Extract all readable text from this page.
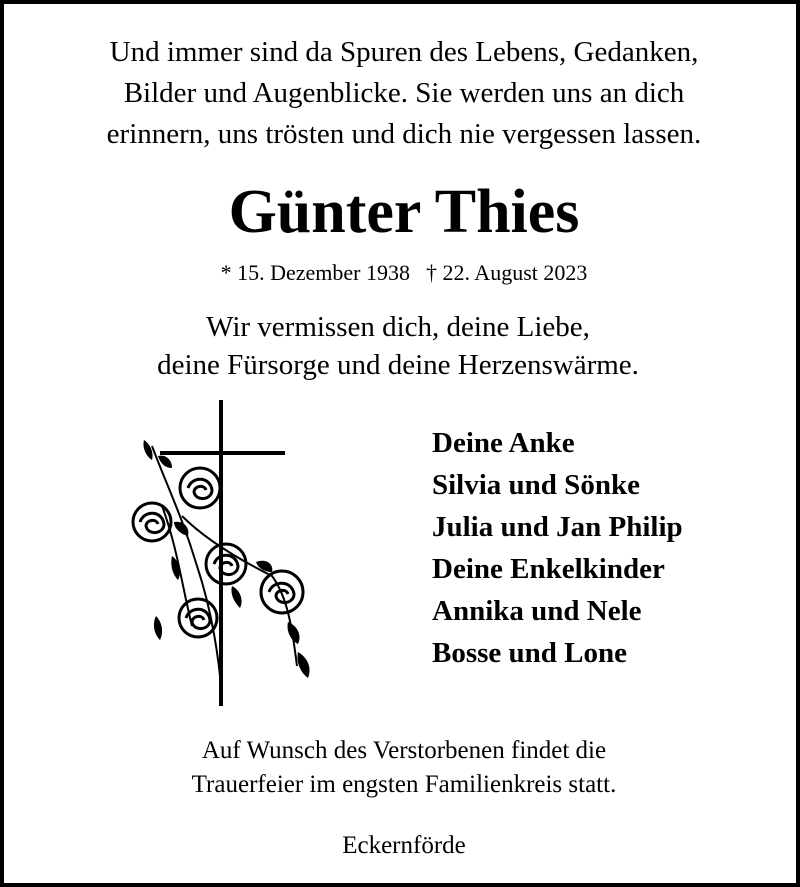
Und immer sind da Spuren des Lebens, Gedanken,
Bilder und Augenblicke. Sie werden uns an dich
erinnern, uns trösten und dich nie vergessen lassen.
Günter Thies
* 15. Dezember 1938 † 22. August 2023
Wir vermissen dich, deine Liebe,
deine Fürsorge und deine Herzenswärme.
Deine Anke
Silvia und Sönke
Julia und Jan Philip
Deine Enkelkinder
Annika und Nele
Bosse und Lone
Auf Wunsch des Verstorbenen findet die
Trauerfeier im engsten Familienkreis statt.
Eckernförde
